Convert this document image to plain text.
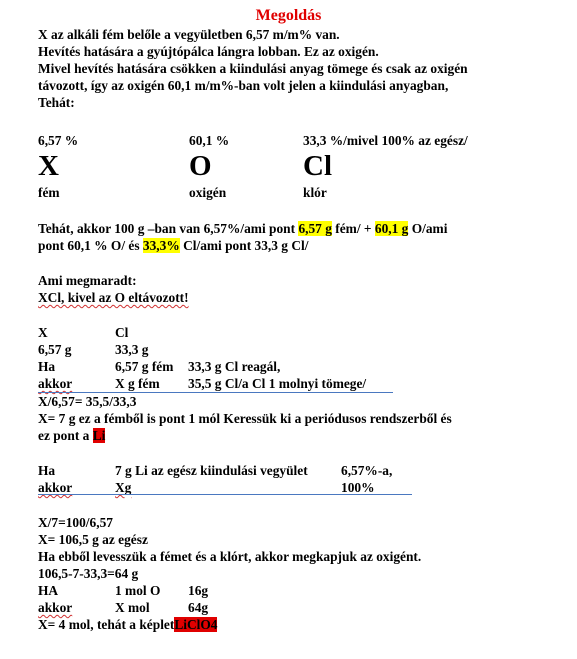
Megoldás
X az alkáli fém belőle a vegyületben 6,57 m/m% van.
Hevítés hatására a gyújtópálca lángra lobban. Ez az oxigén.
Mivel hevítés hatására csökken a kiindulási anyag tömege és csak az oxigén
távozott, így az oxigén 60,1 m/m%-ban volt jelen a kiindulási anyagban,
Tehát:
6,57 %	60,1 %	33,3 %/mivel 100% az egész/
X	O	Cl
fém	oxigén	klór
Tehát, akkor 100 g –ban van 6,57%/ami pont 6,57 g fém/ + 60,1 g O/ami
pont 60,1 % O/ és 33,3% Cl/ami pont 33,3 g Cl/
Ami megmaradt:
XCl, kivel az O eltávozott!
X	Cl
6,57 g	33,3 g
Ha	6,57 g fém 33,3 g Cl reagál,
akkor	X g fém 35,5 g Cl/a Cl 1 molnyi tömege/
X/6,57= 35,5/33,3
X= 7 g ez a fémből is pont 1 mól Keressük ki a periódusos rendszerből és
ez pont a Li
Ha	7 g Li az egész kiindulási vegyület 6,57%-a,
akkor	Xg	100%
X/7=100/6,57
X= 106,5 g az egész
Ha ebből levesszük a fémet és a klórt, akkor megkapjuk az oxigént.
106,5-7-33,3=64 g
HA	1 mol O 16g
akkor	X mol	64g
X= 4 mol, tehát a képletLiClO4
